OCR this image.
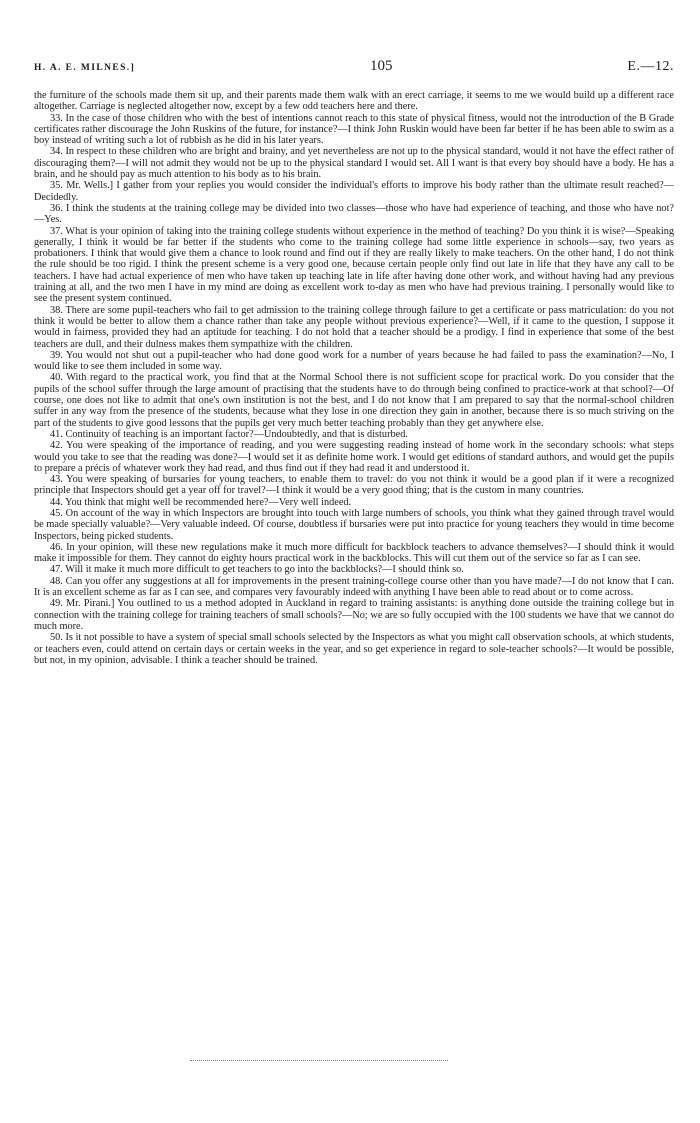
H. A. E. MILNES.]	105	E.—12.

the furniture of the schools made them sit up, and their parents made them walk with an erect carriage, it seems to me we would build up a different race altogether. Carriage is neglected altogether now, except by a few odd teachers here and there.

33. In the case of those children who with the best of intentions cannot reach to this state of physical fitness, would not the introduction of the B Grade certificates rather discourage the John Ruskins of the future, for instance?—I think John Ruskin would have been far better if he has been able to swim as a boy instead of writing such a lot of rubbish as he did in his later years.

34. In respect to these children who are bright and brainy, and yet nevertheless are not up to the physical standard, would it not have the effect rather of discouraging them?—I will not admit they would not be up to the physical standard I would set. All I want is that every boy should have a body. He has a brain, and he should pay as much attention to his body as to his brain.

35. Mr. Wells.] I gather from your replies you would consider the individual's efforts to improve his body rather than the ultimate result reached?—Decidedly.

36. I think the students at the training college may be divided into two classes—those who have had experience of teaching, and those who have not?—Yes.

37. What is your opinion of taking into the training college students without experience in the method of teaching? Do you think it is wise?—Speaking generally, I think it would be far better if the students who come to the training college had some little experience in schools—say, two years as probationers. I think that would give them a chance to look round and find out if they are really likely to make teachers. On the other hand, I do not think the rule should be too rigid. I think the present scheme is a very good one, because certain people only find out late in life that they have any call to be teachers. I have had actual experience of men who have taken up teaching late in life after having done other work, and without having had any previous training at all, and the two men I have in my mind are doing as excellent work to-day as men who have had previous training. I personally would like to see the present system continued.

38. There are some pupil-teachers who fail to get admission to the training college through failure to get a certificate or pass matriculation: do you not think it would be better to allow them a chance rather than take any people without previous experience?—Well, if it came to the question, I suppose it would in fairness, provided they had an aptitude for teaching. I do not hold that a teacher should be a prodigy. I find in experience that some of the best teachers are dull, and their dulness makes them sympathize with the children.

39. You would not shut out a pupil-teacher who had done good work for a number of years because he had failed to pass the examination?—No, I would like to see them included in some way.

40. With regard to the practical work, you find that at the Normal School there is not sufficient scope for practical work. Do you consider that the pupils of the school suffer through the large amount of practising that the students have to do through being confined to practice-work at that school?—Of course, one does not like to admit that one's own institution is not the best, and I do not know that I am prepared to say that the normal-school children suffer in any way from the presence of the students, because what they lose in one direction they gain in another, because there is so much striving on the part of the students to give good lessons that the pupils get very much better teaching probably than they get anywhere else.

41. Continuity of teaching is an important factor?—Undoubtedly, and that is disturbed.

42. You were speaking of the importance of reading, and you were suggesting reading instead of home work in the secondary schools: what steps would you take to see that the reading was done?—I would set it as definite home work. I would get editions of standard authors, and would get the pupils to prepare a précis of whatever work they had read, and thus find out if they had read it and understood it.

43. You were speaking of bursaries for young teachers, to enable them to travel: do you not think it would be a good plan if it were a recognized principle that Inspectors should get a year off for travel?—I think it would be a very good thing; that is the custom in many countries.

44. You think that might well be recommended here?—Very well indeed.

45. On account of the way in which Inspectors are brought into touch with large numbers of schools, you think what they gained through travel would be made specially valuable?—Very valuable indeed. Of course, doubtless if bursaries were put into practice for young teachers they would in time become Inspectors, being picked students.

46. In your opinion, will these new regulations make it much more difficult for backblock teachers to advance themselves?—I should think it would make it impossible for them. They cannot do eighty hours practical work in the backblocks. This will cut them out of the service so far as I can see.

47. Will it make it much more difficult to get teachers to go into the backblocks?—I should think so.

48. Can you offer any suggestions at all for improvements in the present training-college course other than you have made?—I do not know that I can. It is an excellent scheme as far as I can see, and compares very favourably indeed with anything I have been able to read about or to come across.

49. Mr. Pirani.] You outlined to us a method adopted in Auckland in regard to training assistants: is anything done outside the training college but in connection with the training college for training teachers of small schools?—No; we are so fully occupied with the 100 students we have that we cannot do much more.

50. Is it not possible to have a system of special small schools selected by the Inspectors as what you might call observation schools, at which students, or teachers even, could attend on certain days or certain weeks in the year, and so get experience in regard to sole-teacher schools?—It would be possible, but not, in my opinion, advisable. I think a teacher should be trained.
